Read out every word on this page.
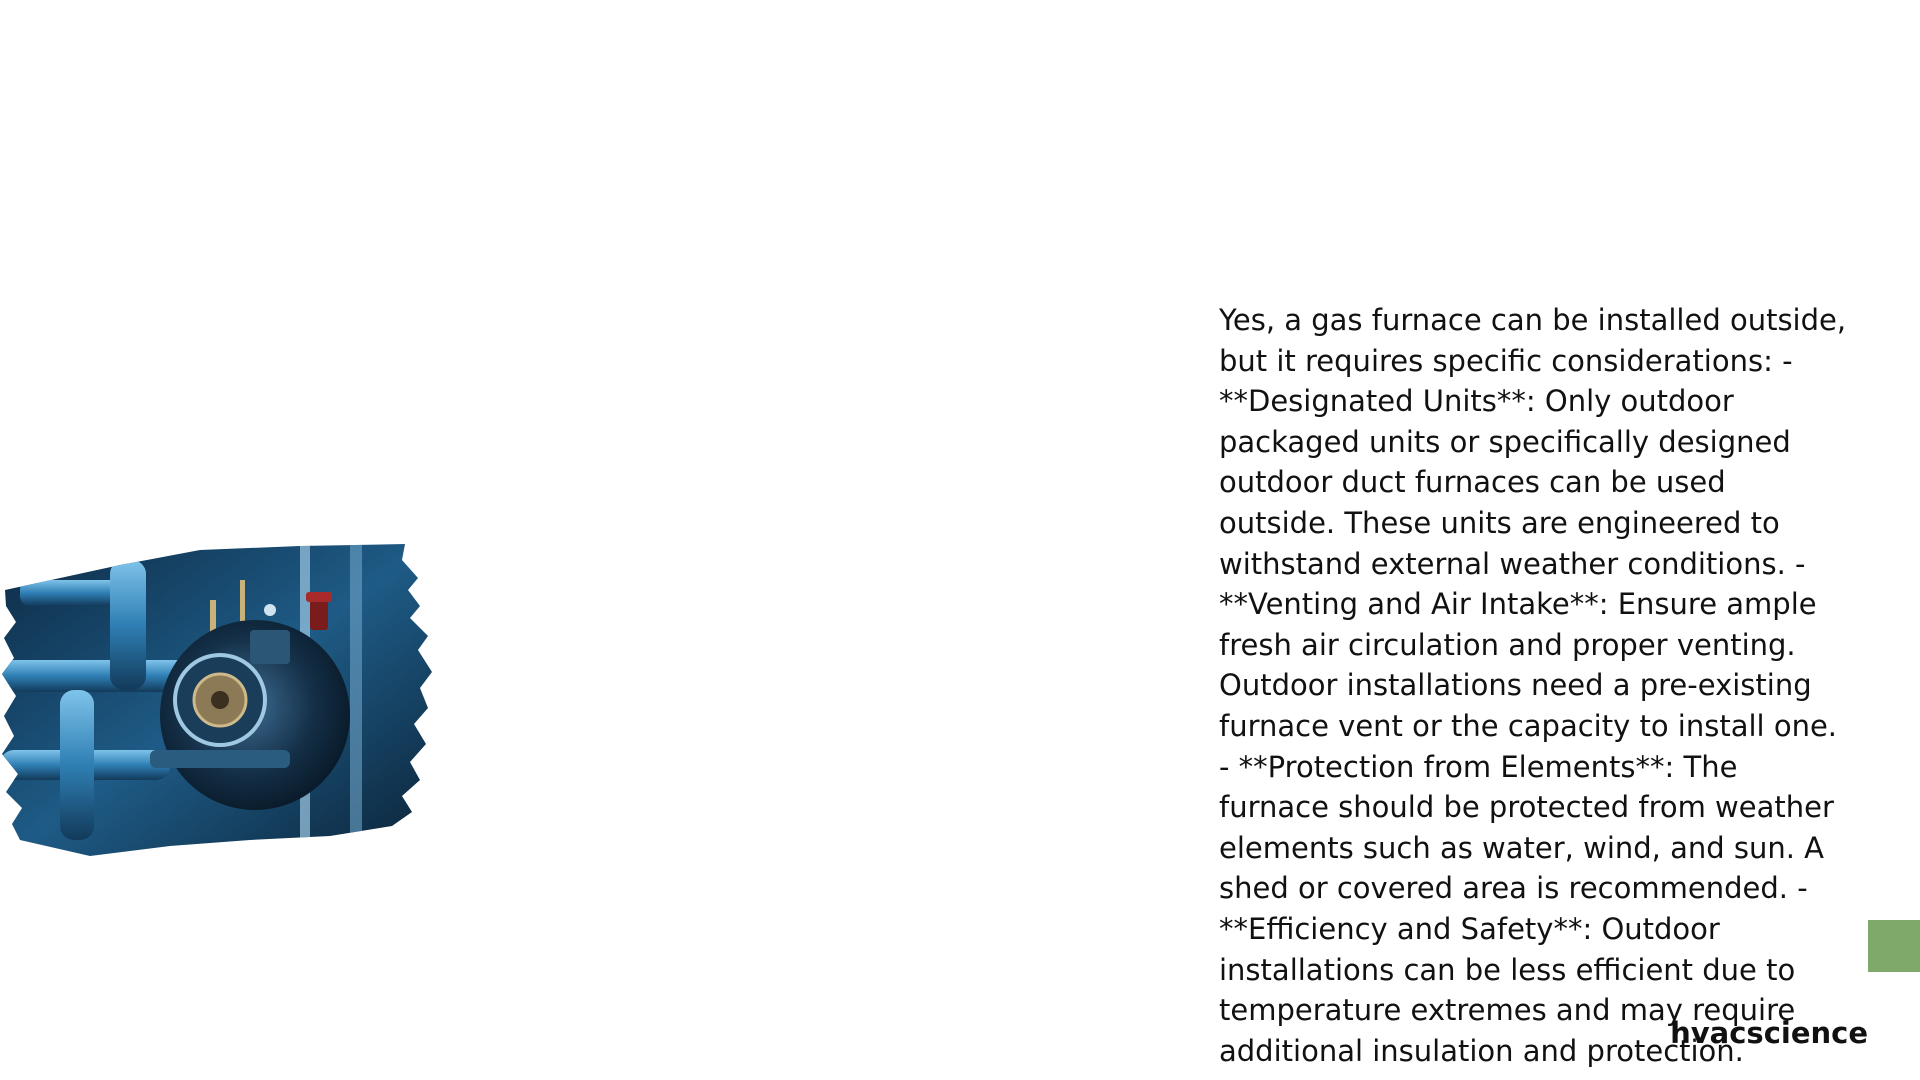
Yes, a gas furnace can be installed outside, but it requires specific considerations: - **Designated Units**: Only outdoor packaged units or specifically designed outdoor duct furnaces can be used outside. These units are engineered to withstand external weather conditions. - **Venting and Air Intake**: Ensure ample fresh air circulation and proper venting. Outdoor installations need a pre-existing furnace vent or the capacity to install one. - **Protection from Elements**: The furnace should be protected from weather elements such as water, wind, and sun. A shed or covered area is recommended. - **Efficiency and Safety**: Outdoor installations can be less efficient due to temperature extremes and may require additional insulation and protection.

hvacscience
